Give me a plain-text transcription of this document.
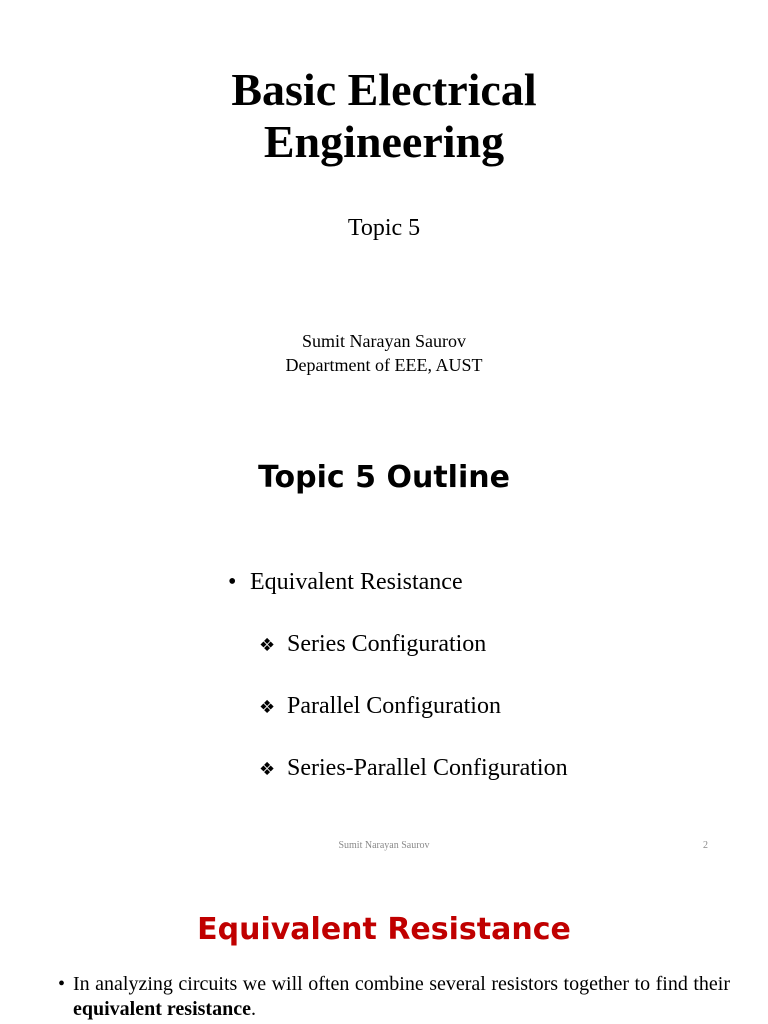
Basic Electrical
Engineering
Topic 5
Sumit Narayan Saurov
Department of EEE, AUST
Topic 5 Outline
• Equivalent Resistance
❖ Series Configuration
❖ Parallel Configuration
❖ Series-Parallel Configuration
Sumit Narayan Saurov	2
Equivalent Resistance
• In analyzing circuits we will often combine several resistors together to find their equivalent resistance.
